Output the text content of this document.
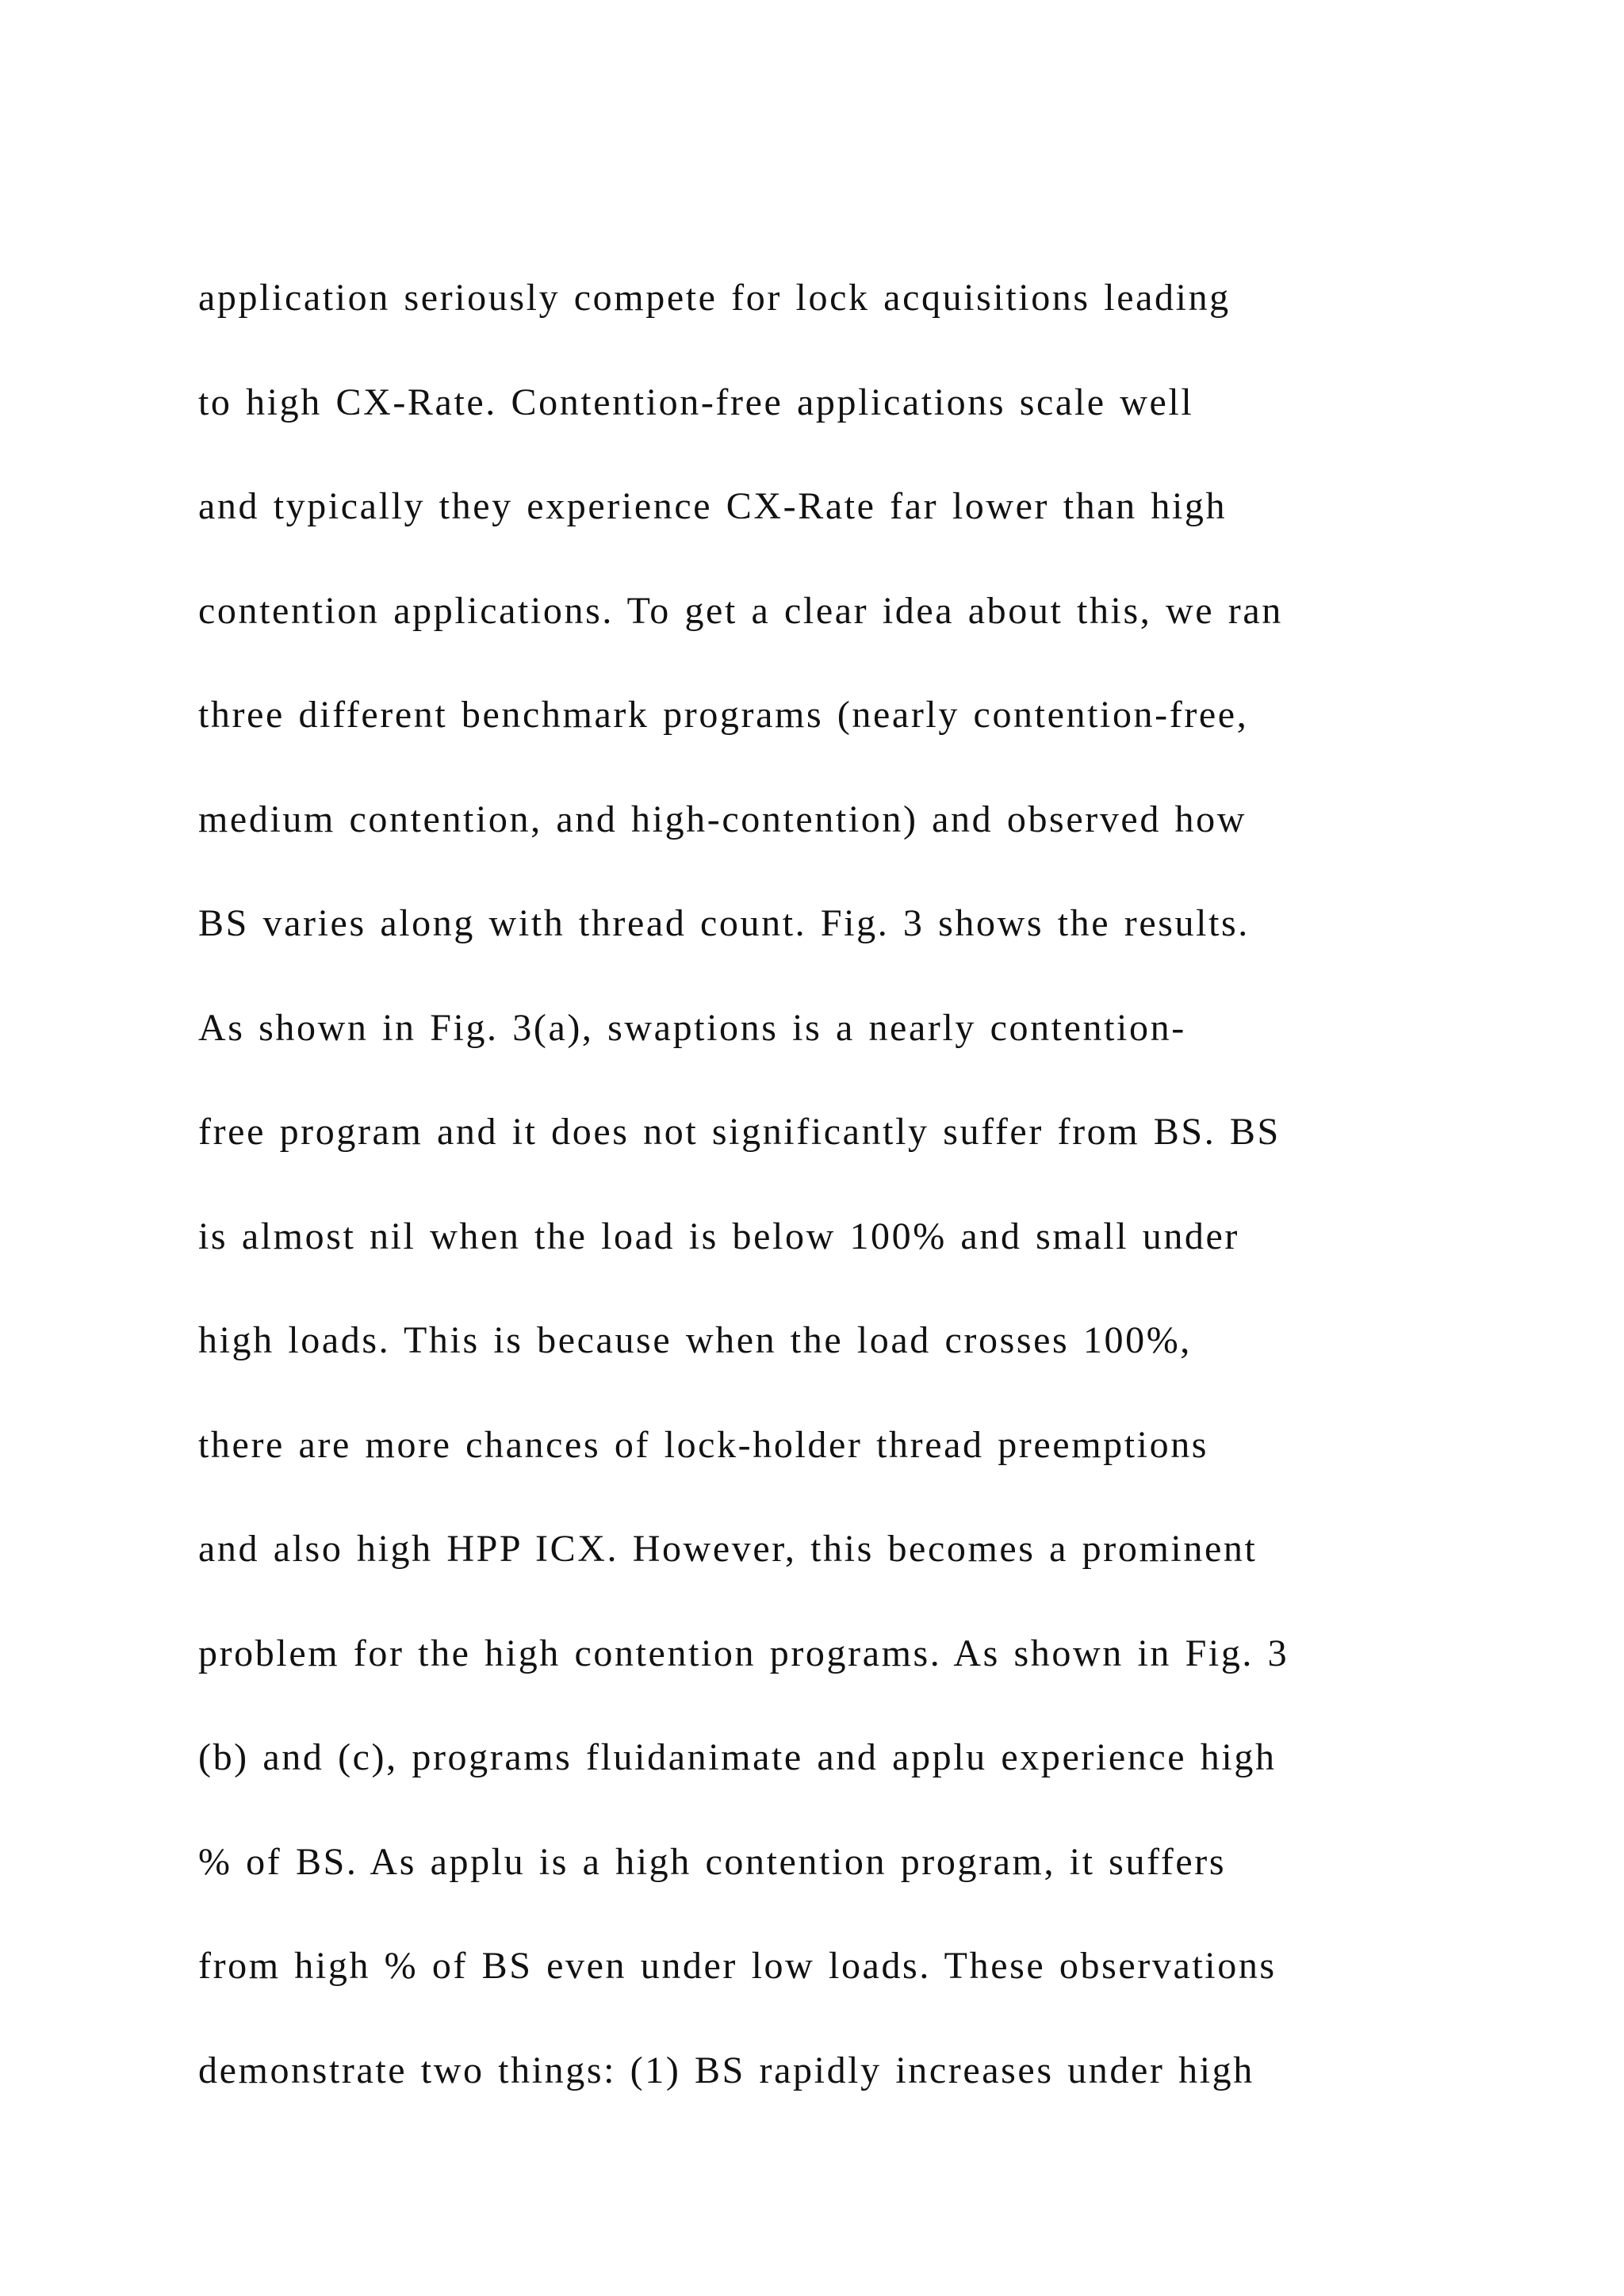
application seriously compete for lock acquisitions leading
to high CX-Rate. Contention-free applications scale well
and typically they experience CX-Rate far lower than high
contention applications. To get a clear idea about this, we ran
three different benchmark programs (nearly contention-free,
medium contention, and high-contention) and observed how
BS varies along with thread count. Fig. 3 shows the results.
As shown in Fig. 3(a), swaptions is a nearly contention-
free program and it does not significantly suffer from BS. BS
is almost nil when the load is below 100% and small under
high loads. This is because when the load crosses 100%,
there are more chances of lock-holder thread preemptions
and also high HPP ICX. However, this becomes a prominent
problem for the high contention programs. As shown in Fig. 3
(b) and (c), programs fluidanimate and applu experience high
% of BS. As applu is a high contention program, it suffers
from high % of BS even under low loads. These observations
demonstrate two things: (1) BS rapidly increases under high
